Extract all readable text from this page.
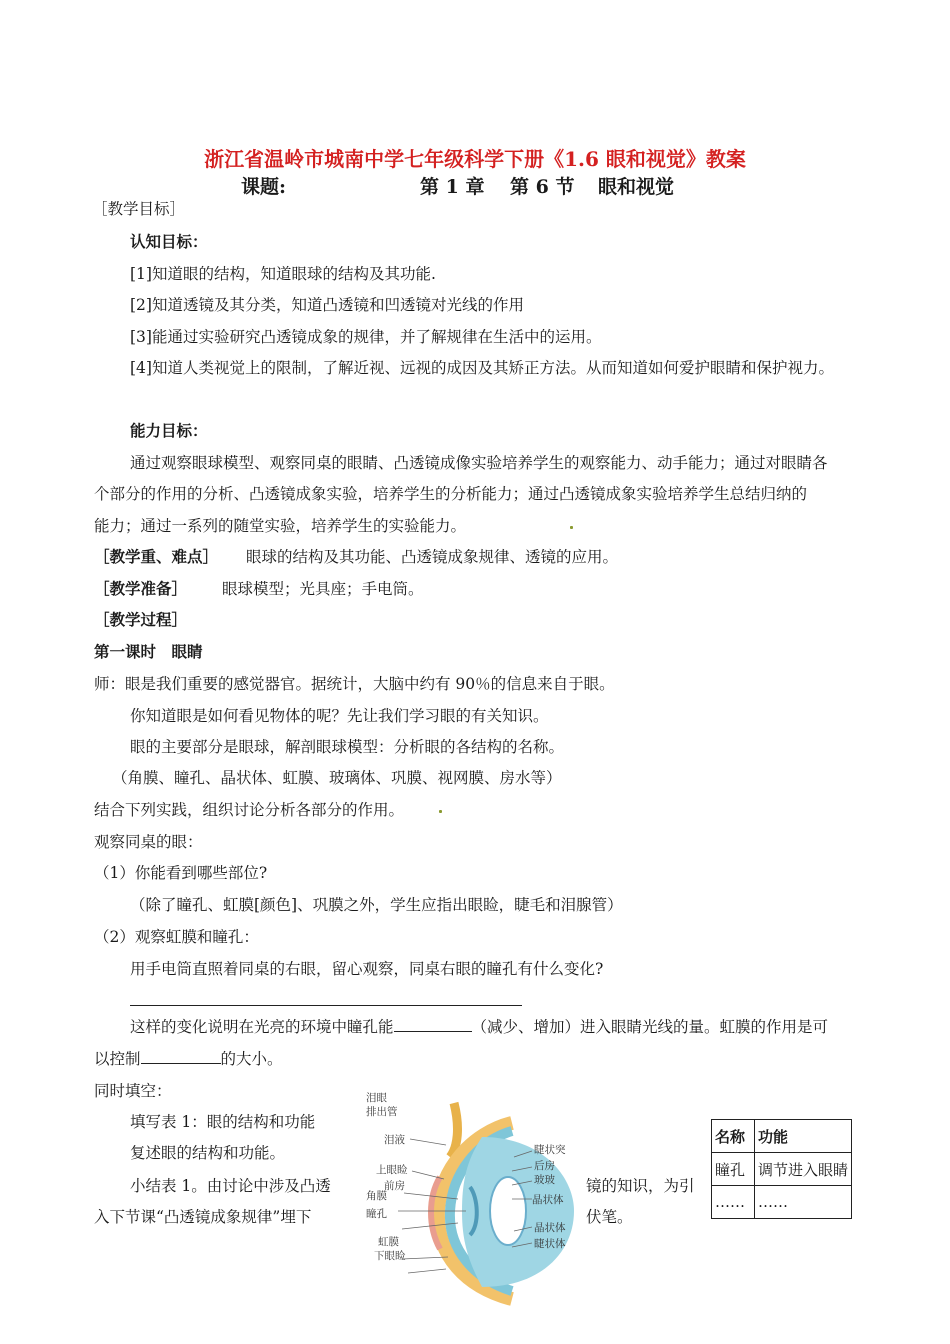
浙江省温岭市城南中学七年级科学下册《1.6 眼和视觉》教案
课题:	第 1 章 第 6 节 眼和视觉
［教学目标］
认知目标：
[1]知道眼的结构，知道眼球的结构及其功能.
[2]知道透镜及其分类，知道凸透镜和凹透镜对光线的作用
[3]能通过实验研究凸透镜成象的规律，并了解规律在生活中的运用。
[4]知道人类视觉上的限制，了解近视、远视的成因及其矫正方法。从而知道如何爱护眼睛和保护视力。
能力目标：
通过观察眼球模型、观察同桌的眼睛、凸透镜成像实验培养学生的观察能力、动手能力；通过对眼睛各
个部分的作用的分析、凸透镜成象实验，培养学生的分析能力；通过凸透镜成象实验培养学生总结归纳的
能力；通过一系列的随堂实验，培养学生的实验能力。
［教学重、难点］ 眼球的结构及其功能、凸透镜成象规律、透镜的应用。
［教学准备］ 眼球模型；光具座；手电筒。
［教学过程］
第一课时　眼睛
师：眼是我们重要的感觉器官。据统计，大脑中约有 90％的信息来自于眼。
你知道眼是如何看见物体的呢？先让我们学习眼的有关知识。
眼的主要部分是眼球，解剖眼球模型：分析眼的各结构的名称。
（角膜、瞳孔、晶状体、虹膜、玻璃体、巩膜、视网膜、房水等）
结合下列实践，组织讨论分析各部分的作用。
观察同桌的眼：
（1）你能看到哪些部位?
（除了瞳孔、虹膜[颜色]、巩膜之外，学生应指出眼睑，睫毛和泪腺管）
（2）观察虹膜和瞳孔：
用手电筒直照着同桌的右眼，留心观察，同桌右眼的瞳孔有什么变化?
这样的变化说明在光亮的环境中瞳孔能	（减少、增加）进入眼睛光线的量。虹膜的作用是可
以控制	的大小。
同时填空：
填写表 1：眼的结构和功能
复述眼的结构和功能。
小结表 1。由讨论中涉及凸透	镜的知识，为引
入下节课“凸透镜成象规律”埋下	伏笔。
泪眼
排出管
泪液
上眼睑
前房
角膜
瞳孔
虹膜
下眼睑
睫状突
后房
玻玻
晶状体
晶状体
睫状体
名称	功能
瞳孔	调节进入眼睛
……	……
